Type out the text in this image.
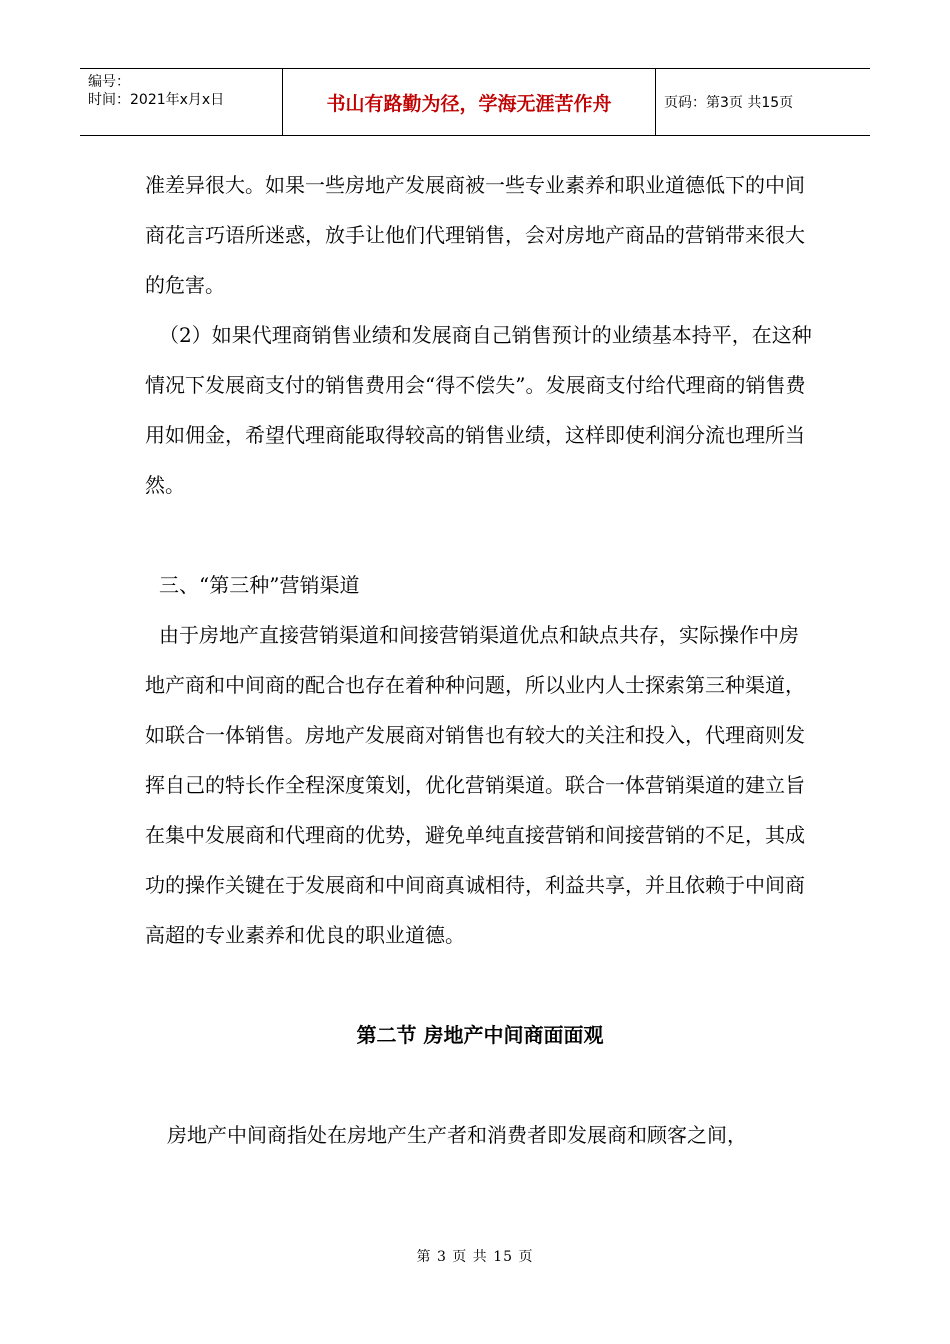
编号：
时间：2021年x月x日	书山有路勤为径，学海无涯苦作舟	页码：第3页 共15页

准差异很大。如果一些房地产发展商被一些专业素养和职业道德低下的中间商花言巧语所迷惑，放手让他们代理销售，会对房地产商品的营销带来很大的危害。

（2）如果代理商销售业绩和发展商自己销售预计的业绩基本持平，在这种情况下发展商支付的销售费用会“得不偿失”。发展商支付给代理商的销售费用如佣金，希望代理商能取得较高的销售业绩，这样即使利润分流也理所当然。

三、“第三种”营销渠道

由于房地产直接营销渠道和间接营销渠道优点和缺点共存，实际操作中房地产商和中间商的配合也存在着种种问题，所以业内人士探索第三种渠道，如联合一体销售。房地产发展商对销售也有较大的关注和投入，代理商则发挥自己的特长作全程深度策划，优化营销渠道。联合一体营销渠道的建立旨在集中发展商和代理商的优势，避免单纯直接营销和间接营销的不足，其成功的操作关键在于发展商和中间商真诚相待，利益共享，并且依赖于中间商高超的专业素养和优良的职业道德。

第二节 房地产中间商面面观

房地产中间商指处在房地产生产者和消费者即发展商和顾客之间，

第 3 页 共 15 页
